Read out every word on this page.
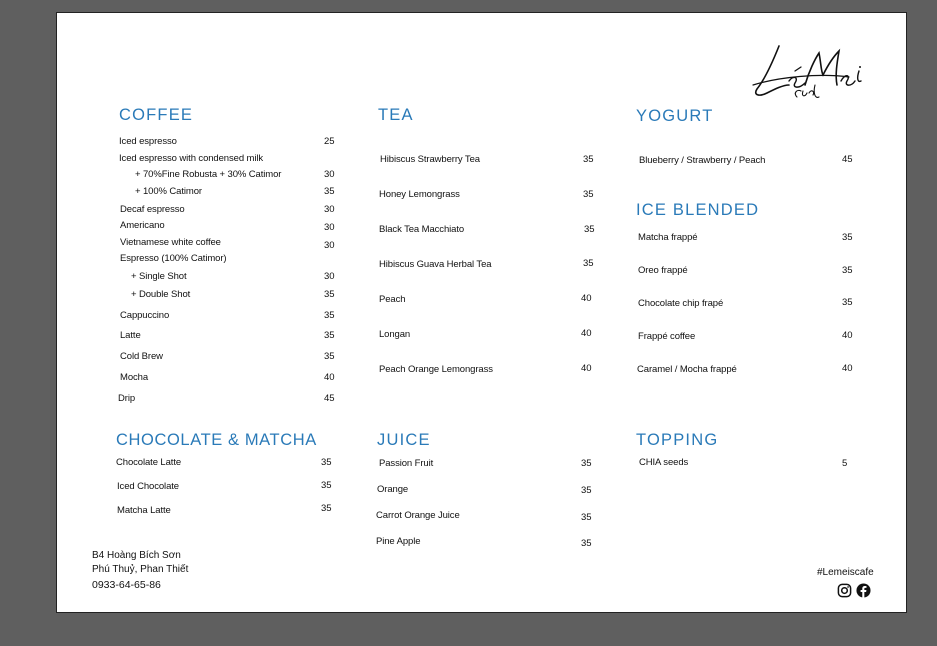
COFFEE
Iced espresso	25
Iced espresso with condensed milk
+ 70%Fine Robusta + 30% Catimor	30
+ 100% Catimor	35
Decaf espresso	30
Americano	30
Vietnamese white coffee	30
Espresso (100% Catimor)
+ Single Shot	30
+ Double Shot	35
Cappuccino	35
Latte	35
Cold Brew	35
Mocha	40
Drip	45
TEA
Hibiscus Strawberry Tea	35
Honey Lemongrass	35
Black Tea Macchiato	35
Hibiscus Guava Herbal Tea	35
Peach	40
Longan	40
Peach Orange Lemongrass	40
YOGURT
Blueberry / Strawberry / Peach	45
ICE BLENDED
Matcha frappé	35
Oreo frappé	35
Chocolate chip frapé	35
Frappé coffee	40
Caramel / Mocha frappé	40
CHOCOLATE & MATCHA
Chocolate Latte	35
Iced Chocolate	35
Matcha Latte	35
JUICE
Passion Fruit	35
Orange	35
Carrot Orange Juice	35
Pine Apple	35
TOPPING
CHIA seeds	5
B4 Hoàng Bích Sơn
Phú Thuỷ, Phan Thiết
0933-64-65-86
#Lemeiscafe
